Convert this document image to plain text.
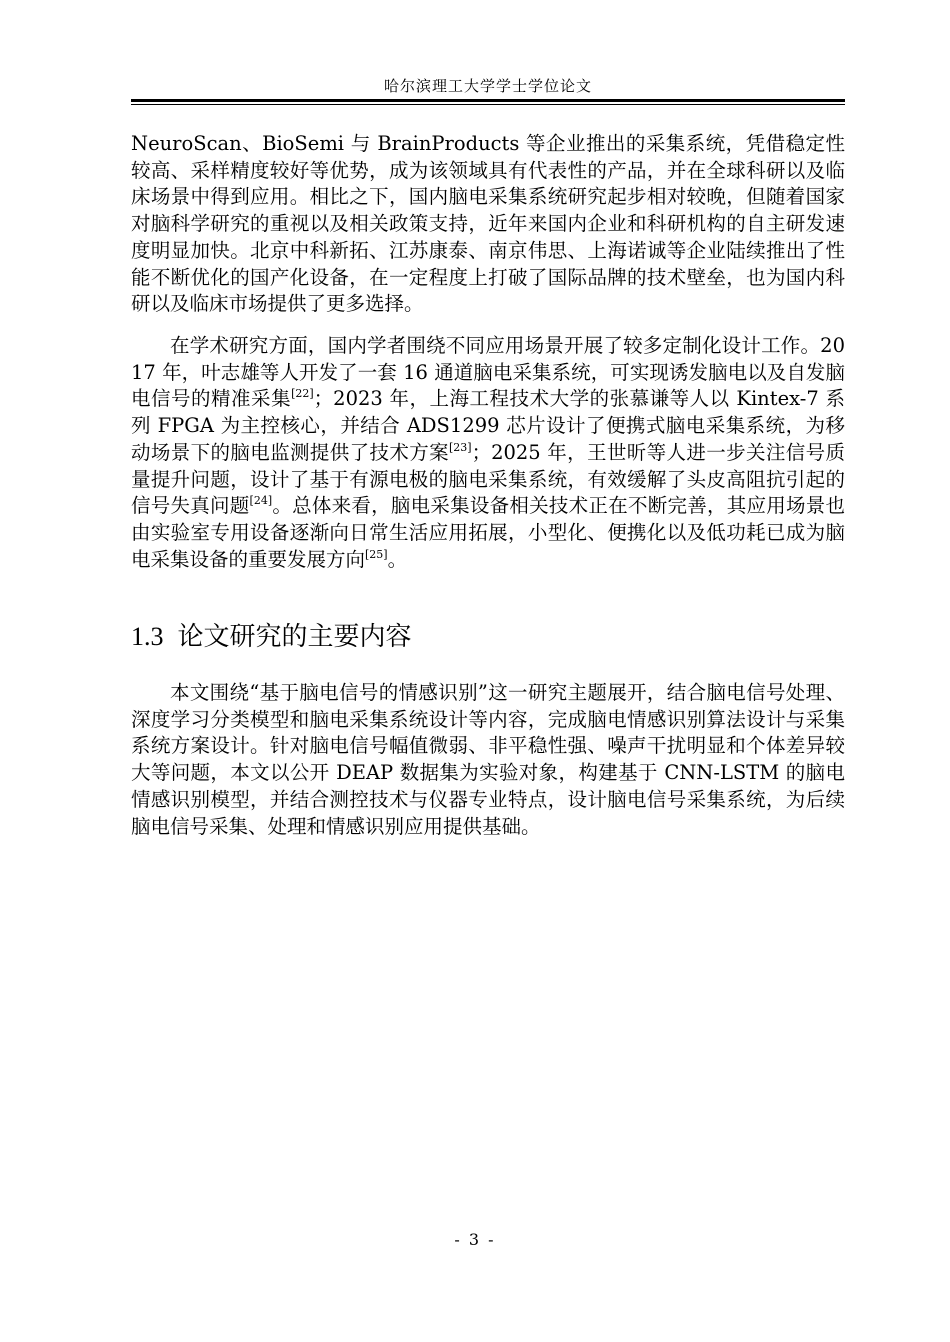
哈尔滨理工大学学士学位论文

NeuroScan、BioSemi 与 BrainProducts 等企业推出的采集系统，凭借稳定性较高、采样精度较好等优势，成为该领域具有代表性的产品，并在全球科研以及临床场景中得到应用。相比之下，国内脑电采集系统研究起步相对较晚，但随着国家对脑科学研究的重视以及相关政策支持，近年来国内企业和科研机构的自主研发速度明显加快。北京中科新拓、江苏康泰、南京伟思、上海诺诚等企业陆续推出了性能不断优化的国产化设备，在一定程度上打破了国际品牌的技术壁垒，也为国内科研以及临床市场提供了更多选择。

在学术研究方面，国内学者围绕不同应用场景开展了较多定制化设计工作。2017 年，叶志雄等人开发了一套 16 通道脑电采集系统，可实现诱发脑电以及自发脑电信号的精准采集[22]；2023 年，上海工程技术大学的张慕谦等人以 Kintex-7 系列 FPGA 为主控核心，并结合 ADS1299 芯片设计了便携式脑电采集系统，为移动场景下的脑电监测提供了技术方案[23]；2025 年，王世昕等人进一步关注信号质量提升问题，设计了基于有源电极的脑电采集系统，有效缓解了头皮高阻抗引起的信号失真问题[24]。总体来看，脑电采集设备相关技术正在不断完善，其应用场景也由实验室专用设备逐渐向日常生活应用拓展，小型化、便携化以及低功耗已成为脑电采集设备的重要发展方向[25]。

1.3 论文研究的主要内容

本文围绕“基于脑电信号的情感识别”这一研究主题展开，结合脑电信号处理、深度学习分类模型和脑电采集系统设计等内容，完成脑电情感识别算法设计与采集系统方案设计。针对脑电信号幅值微弱、非平稳性强、噪声干扰明显和个体差异较大等问题，本文以公开 DEAP 数据集为实验对象，构建基于 CNN-LSTM 的脑电情感识别模型，并结合测控技术与仪器专业特点，设计脑电信号采集系统，为后续脑电信号采集、处理和情感识别应用提供基础。

- 3 -
